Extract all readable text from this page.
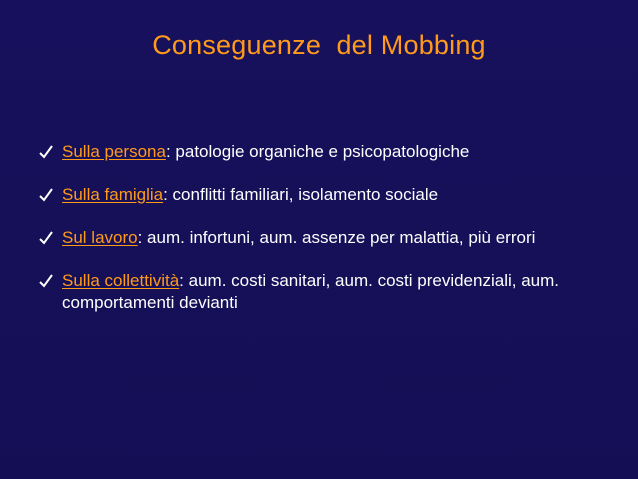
Conseguenze  del Mobbing
Sulla persona: patologie organiche e psicopatologiche
Sulla famiglia: conflitti familiari, isolamento sociale
Sul lavoro: aum. infortuni, aum. assenze per malattia, più errori
Sulla collettività: aum. costi sanitari, aum. costi previdenziali, aum. comportamenti devianti
